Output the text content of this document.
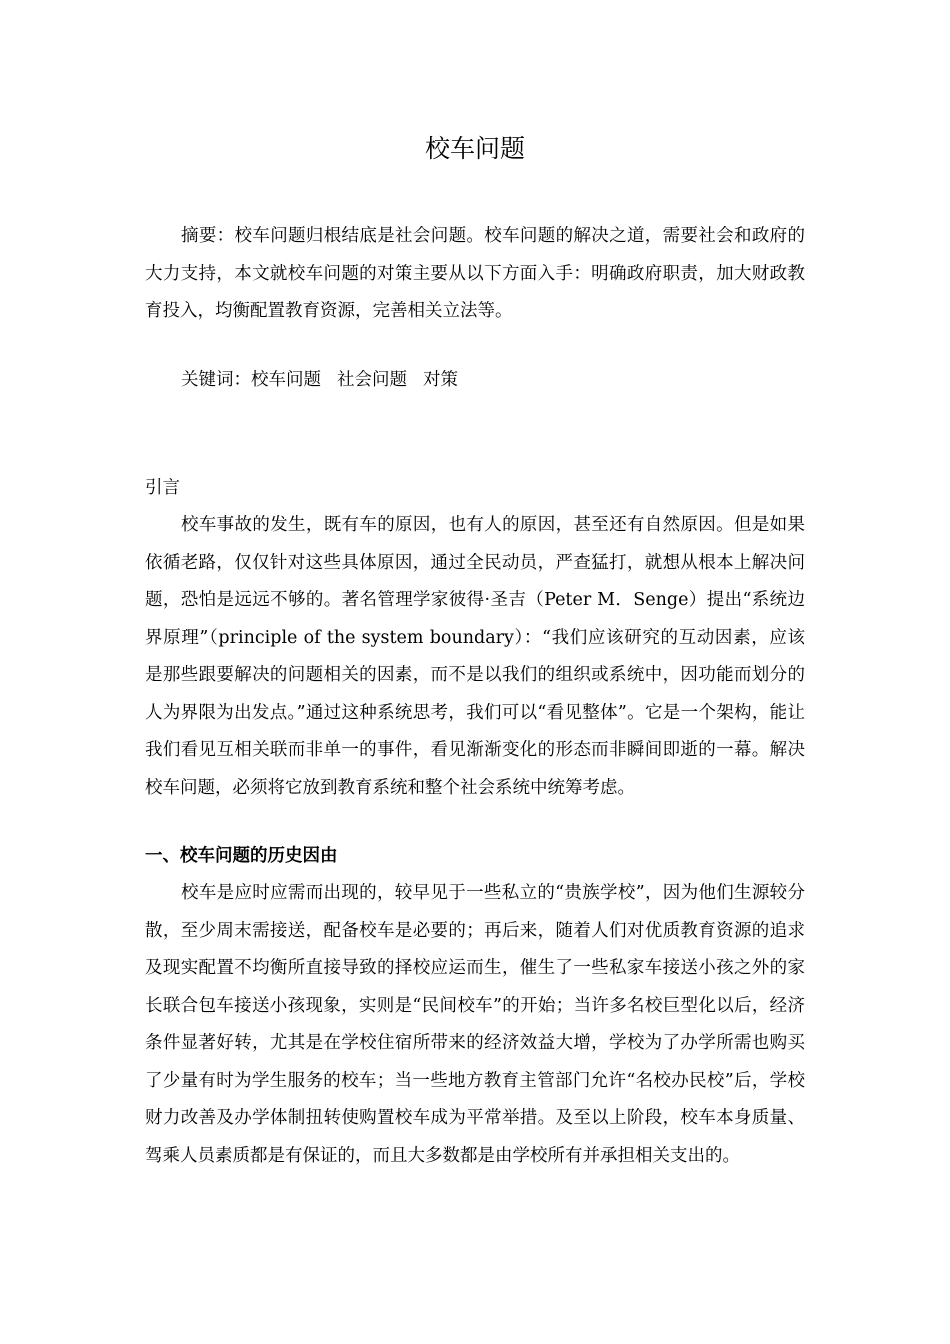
校车问题
摘要：校车问题归根结底是社会问题。校车问题的解决之道，需要社会和政府的大力支持，本文就校车问题的对策主要从以下方面入手：明确政府职责，加大财政教育投入，均衡配置教育资源，完善相关立法等。
关键词：校车问题 社会问题 对策
引言
校车事故的发生，既有车的原因，也有人的原因，甚至还有自然原因。但是如果依循老路，仅仅针对这些具体原因，通过全民动员，严查猛打，就想从根本上解决问题，恐怕是远远不够的。著名管理学家彼得·圣吉（Peter M．Senge）提出“系统边界原理”（principle of the system boundary）：“我们应该研究的互动因素，应该是那些跟要解决的问题相关的因素，而不是以我们的组织或系统中，因功能而划分的人为界限为出发点。”通过这种系统思考，我们可以“看见整体”。它是一个架构，能让我们看见互相关联而非单一的事件，看见渐渐变化的形态而非瞬间即逝的一幕。解决校车问题，必须将它放到教育系统和整个社会系统中统筹考虑。
一、校车问题的历史因由
校车是应时应需而出现的，较早见于一些私立的“贵族学校”，因为他们生源较分散，至少周末需接送，配备校车是必要的；再后来，随着人们对优质教育资源的追求及现实配置不均衡所直接导致的择校应运而生，催生了一些私家车接送小孩之外的家长联合包车接送小孩现象，实则是“民间校车”的开始；当许多名校巨型化以后，经济条件显著好转，尤其是在学校住宿所带来的经济效益大增，学校为了办学所需也购买了少量有时为学生服务的校车；当一些地方教育主管部门允许“名校办民校”后，学校财力改善及办学体制扭转使购置校车成为平常举措。及至以上阶段，校车本身质量、驾乘人员素质都是有保证的，而且大多数都是由学校所有并承担相关支出的。
